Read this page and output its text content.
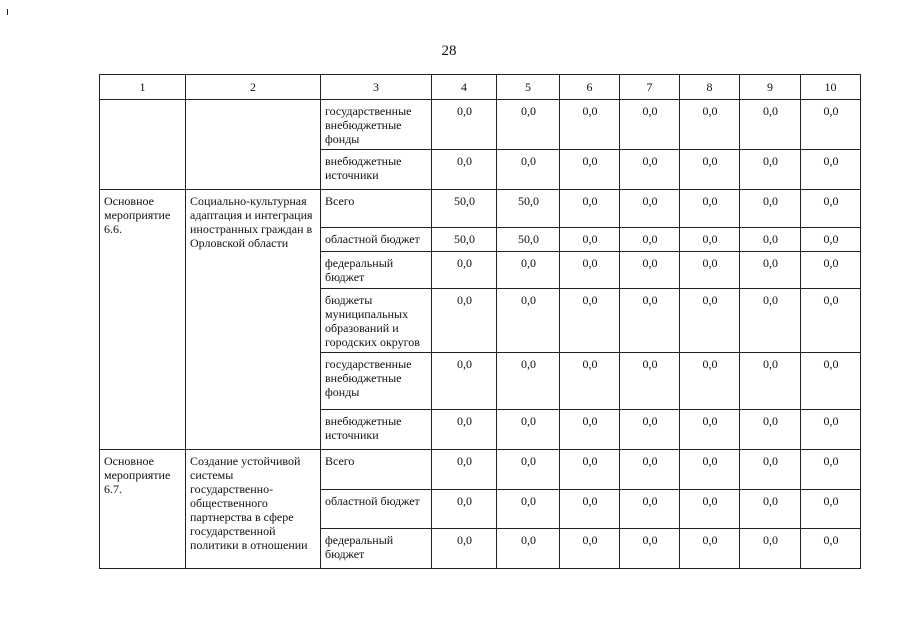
28
1	2	3	4	5	6	7	8	9	10
		государственные внебюджетные фонды	0,0	0,0	0,0	0,0	0,0	0,0	0,0
		внебюджетные источники	0,0	0,0	0,0	0,0	0,0	0,0	0,0
Основное мероприятие 6.6.	Социально-культурная адаптация и интеграция иностранных граждан в Орловской области	Всего	50,0	50,0	0,0	0,0	0,0	0,0	0,0
		областной бюджет	50,0	50,0	0,0	0,0	0,0	0,0	0,0
		федеральный бюджет	0,0	0,0	0,0	0,0	0,0	0,0	0,0
		бюджеты муниципальных образований и городских округов	0,0	0,0	0,0	0,0	0,0	0,0	0,0
		государственные внебюджетные фонды	0,0	0,0	0,0	0,0	0,0	0,0	0,0
		внебюджетные источники	0,0	0,0	0,0	0,0	0,0	0,0	0,0
Основное мероприятие 6.7.	Создание устойчивой системы государственно-общественного партнерства в сфере государственной политики в отношении	Всего	0,0	0,0	0,0	0,0	0,0	0,0	0,0
		областной бюджет	0,0	0,0	0,0	0,0	0,0	0,0	0,0
		федеральный бюджет	0,0	0,0	0,0	0,0	0,0	0,0	0,0
